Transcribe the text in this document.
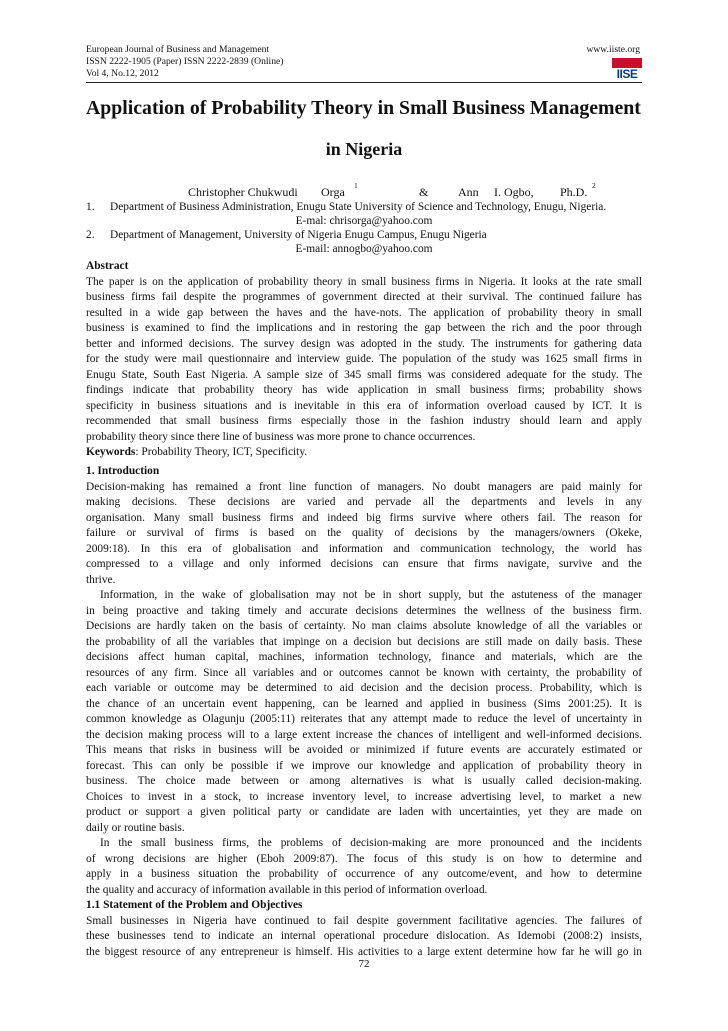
European Journal of Business and Management
ISSN 2222-1905 (Paper) ISSN 2222-2839 (Online)
Vol 4, No.12, 2012
www.iiste.org
IISE
Application of Probability Theory in Small Business Management
in Nigeria
Christopher Chukwudi Orga $^1$	& Ann I. Ogbo, Ph.D. $^2$
1. Department of Business Administration, Enugu State University of Science and Technology, Enugu, Nigeria.
E-mal: chrisorga@yahoo.com
2. Department of Management, University of Nigeria Enugu Campus, Enugu Nigeria
E-mail: annogbo@yahoo.com
Abstract
The paper is on the application of probability theory in small business firms in Nigeria. It looks at the rate small
business firms fail despite the programmes of government directed at their survival. The continued failure has
resulted in a wide gap between the haves and the have-nots. The application of probability theory in small
business is examined to find the implications and in restoring the gap between the rich and the poor through
better and informed decisions. The survey design was adopted in the study. The instruments for gathering data
for the study were mail questionnaire and interview guide. The population of the study was 1625 small firms in
Enugu State, South East Nigeria. A sample size of 345 small firms was considered adequate for the study. The
findings indicate that probability theory has wide application in small business firms; probability shows
specificity in business situations and is inevitable in this era of information overload caused by ICT. It is
recommended that small business firms especially those in the fashion industry should learn and apply
probability theory since there line of business was more prone to chance occurrences.
Keywords: Probability Theory, ICT, Specificity.
1. Introduction
Decision-making has remained a front line function of managers. No doubt managers are paid mainly for
making decisions. These decisions are varied and pervade all the departments and levels in any
organisation. Many small business firms and indeed big firms survive where others fail. The reason for
failure or survival of firms is based on the quality of decisions by the managers/owners (Okeke,
2009:18). In this era of globalisation and information and communication technology, the world has
compressed to a village and only informed decisions can ensure that firms navigate, survive and the
thrive.
Information, in the wake of globalisation may not be in short supply, but the astuteness of the manager
in being proactive and taking timely and accurate decisions determines the wellness of the business firm.
Decisions are hardly taken on the basis of certainty. No man claims absolute knowledge of all the variables or
the probability of all the variables that impinge on a decision but decisions are still made on daily basis. These
decisions affect human capital, machines, information technology, finance and materials, which are the
resources of any firm. Since all variables and or outcomes cannot be known with certainty, the probability of
each variable or outcome may be determined to aid decision and the decision process. Probability, which is
the chance of an uncertain event happening, can be learned and applied in business (Sims 2001:25). It is
common knowledge as Olagunju (2005:11) reiterates that any attempt made to reduce the level of uncertainty in
the decision making process will to a large extent increase the chances of intelligent and well-informed decisions.
This means that risks in business will be avoided or minimized if future events are accurately estimated or
forecast. This can only be possible if we improve our knowledge and application of probability theory in
business. The choice made between or among alternatives is what is usually called decision-making.
Choices to invest in a stock, to increase inventory level, to increase advertising level, to market a new
product or support a given political party or candidate are laden with uncertainties, yet they are made on
daily or routine basis.
In the small business firms, the problems of decision-making are more pronounced and the incidents
of wrong decisions are higher (Eboh 2009:87). The focus of this study is on how to determine and
apply in a business situation the probability of occurrence of any outcome/event, and how to determine
the quality and accuracy of information available in this period of information overload.
1.1 Statement of the Problem and Objectives
Small businesses in Nigeria have continued to fail despite government facilitative agencies. The failures of
these businesses tend to indicate an internal operational procedure dislocation. As Idemobi (2008:2) insists,
the biggest resource of any entrepreneur is himself. His activities to a large extent determine how far he will go in
72
